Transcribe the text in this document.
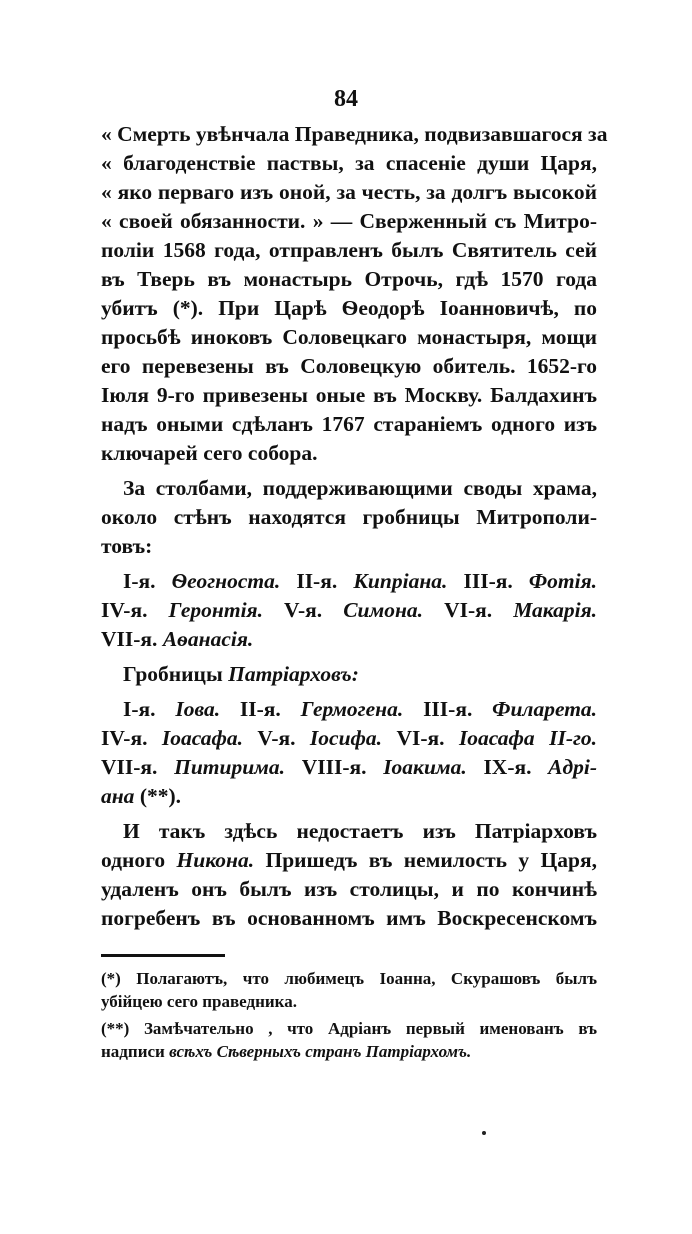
84
« Смерть увѣнчала Праведника, подвизавшагося за
« благоденствіе паствы, за спасеніе души Царя,
« яко перваго изъ оной, за честь, за долгъ высокой
« своей обязанности. » — Сверженный съ Митро-
поліи 1568 года, отправленъ былъ Святитель сей
въ Тверь въ монастырь Отрочь, гдѣ 1570 года
убитъ (*). При Царѣ Ѳеодорѣ Іоанновичѣ, по
просьбѣ иноковъ Соловецкаго монастыря, мощи
его перевезены въ Соловецкую обитель. 1652-го
Іюля 9-го привезены оные въ Москву. Балдахинъ
надъ оными сдѣланъ 1767 стараніемъ одного изъ
ключарей сего собора.
За столбами, поддерживающими своды храма,
около стѣнъ находятся гробницы Митрополи-
товъ:
I-я. Ѳеогноста. II-я. Кипріана. III-я. Фотія.
IV-я. Геронтія. V-я. Симона. VI-я. Макарія.
VII-я. Аѳанасія.
Гробницы Патріарховъ:
I-я. Іова. II-я. Гермогена. III-я. Филарета.
IV-я. Іоасафа. V-я. Іосифа. VI-я. Іоасафа II-го.
VII-я. Питирима. VIII-я. Іоакима. IX-я. Адрі-
ана (**).
И такъ здѣсь недостаетъ изъ Патріарховъ
одного Никона. Пришедъ въ немилость у Царя,
удаленъ онъ былъ изъ столицы, и по кончинѣ
погребенъ въ основанномъ имъ Воскресенскомъ
(*) Полагаютъ, что любимецъ Іоанна, Скурашовъ былъ
убійцею сего праведника.
(**) Замѣчательно , что Адріанъ первый именованъ въ
надписи всѣхъ Сѣверныхъ странъ Патріархомъ.
